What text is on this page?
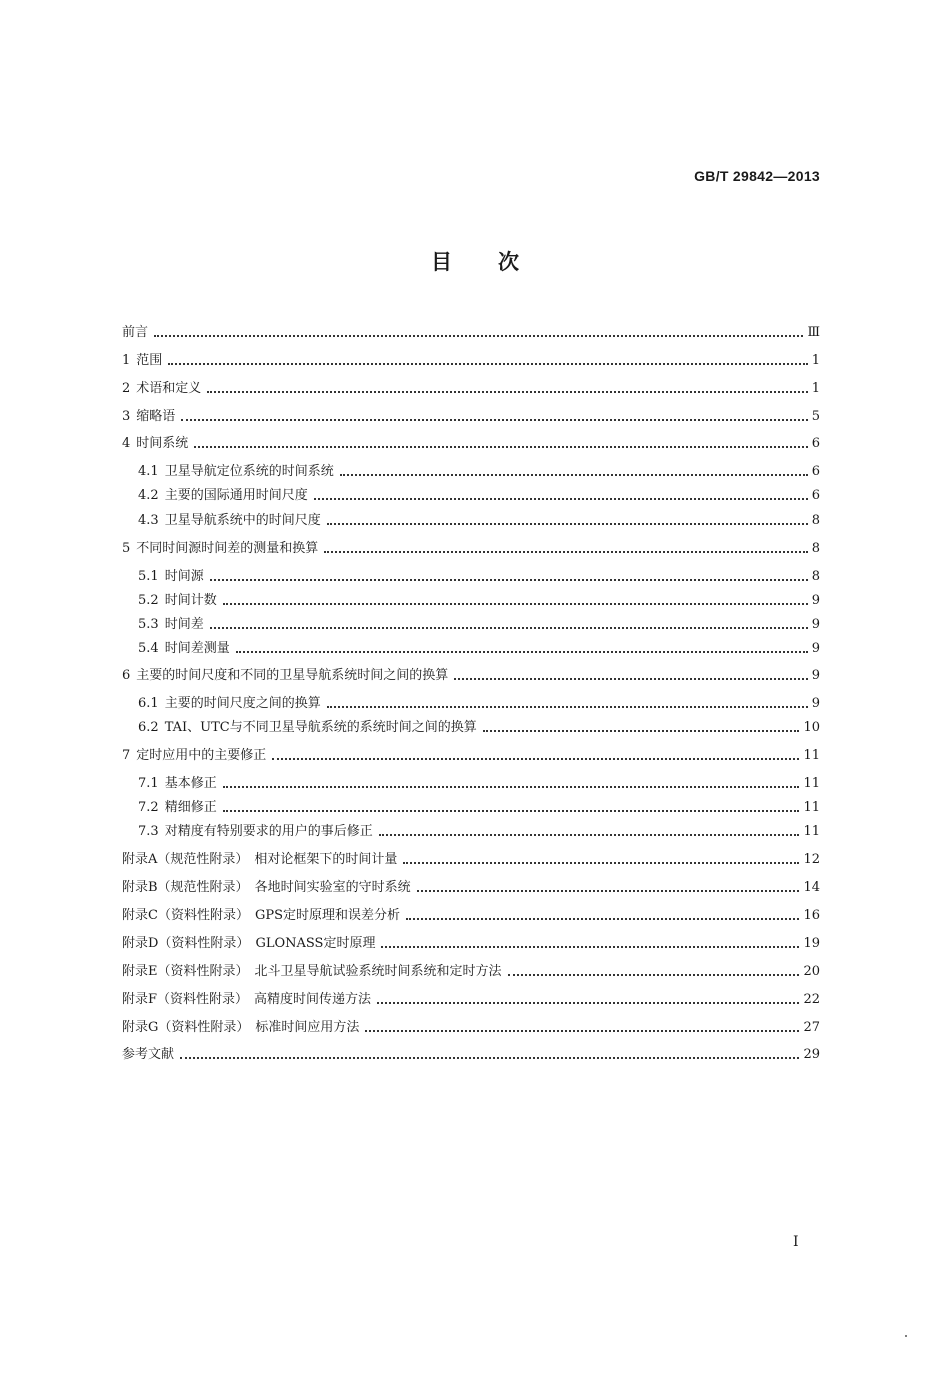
GB/T 29842—2013
目次
前言	Ⅲ
1 范围	1
2 术语和定义	1
3 缩略语	5
4 时间系统	6
4.1 卫星导航定位系统的时间系统	6
4.2 主要的国际通用时间尺度	6
4.3 卫星导航系统中的时间尺度	8
5 不同时间源时间差的测量和换算	8
5.1 时间源	8
5.2 时间计数	9
5.3 时间差	9
5.4 时间差测量	9
6 主要的时间尺度和不同的卫星导航系统时间之间的换算	9
6.1 主要的时间尺度之间的换算	9
6.2 TAI、UTC与不同卫星导航系统的系统时间之间的换算	10
7 定时应用中的主要修正	11
7.1 基本修正	11
7.2 精细修正	11
7.3 对精度有特别要求的用户的事后修正	11
附录A（规范性附录） 相对论框架下的时间计量	12
附录B（规范性附录） 各地时间实验室的守时系统	14
附录C（资料性附录） GPS定时原理和误差分析	16
附录D（资料性附录） GLONASS定时原理	19
附录E（资料性附录） 北斗卫星导航试验系统时间系统和定时方法	20
附录F（资料性附录） 高精度时间传递方法	22
附录G（资料性附录） 标准时间应用方法	27
参考文献	29
I
